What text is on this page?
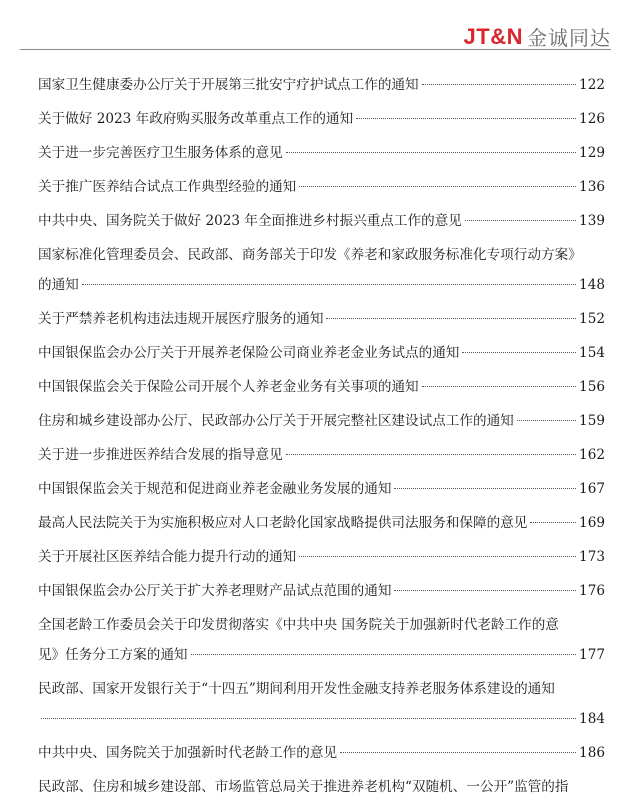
JT&N 金诚同达
国家卫生健康委办公厅关于开展第三批安宁疗护试点工作的通知	122
关于做好 2023 年政府购买服务改革重点工作的通知	126
关于进一步完善医疗卫生服务体系的意见	129
关于推广医养结合试点工作典型经验的通知	136
中共中央、国务院关于做好 2023 年全面推进乡村振兴重点工作的意见	139
国家标准化管理委员会、民政部、商务部关于印发《养老和家政服务标准化专项行动方案》
的通知	148
关于严禁养老机构违法违规开展医疗服务的通知	152
中国银保监会办公厅关于开展养老保险公司商业养老金业务试点的通知	154
中国银保监会关于保险公司开展个人养老金业务有关事项的通知	156
住房和城乡建设部办公厅、民政部办公厅关于开展完整社区建设试点工作的通知	159
关于进一步推进医养结合发展的指导意见	162
中国银保监会关于规范和促进商业养老金融业务发展的通知	167
最高人民法院关于为实施积极应对人口老龄化国家战略提供司法服务和保障的意见	169
关于开展社区医养结合能力提升行动的通知	173
中国银保监会办公厅关于扩大养老理财产品试点范围的通知	176
全国老龄工作委员会关于印发贯彻落实《中共中央 国务院关于加强新时代老龄工作的意
见》任务分工方案的通知	177
民政部、国家开发银行关于“十四五”期间利用开发性金融支持养老服务体系建设的通知
184
中共中央、国务院关于加强新时代老龄工作的意见	186
民政部、住房和城乡建设部、市场监管总局关于推进养老机构“双随机、一公开”监管的指
